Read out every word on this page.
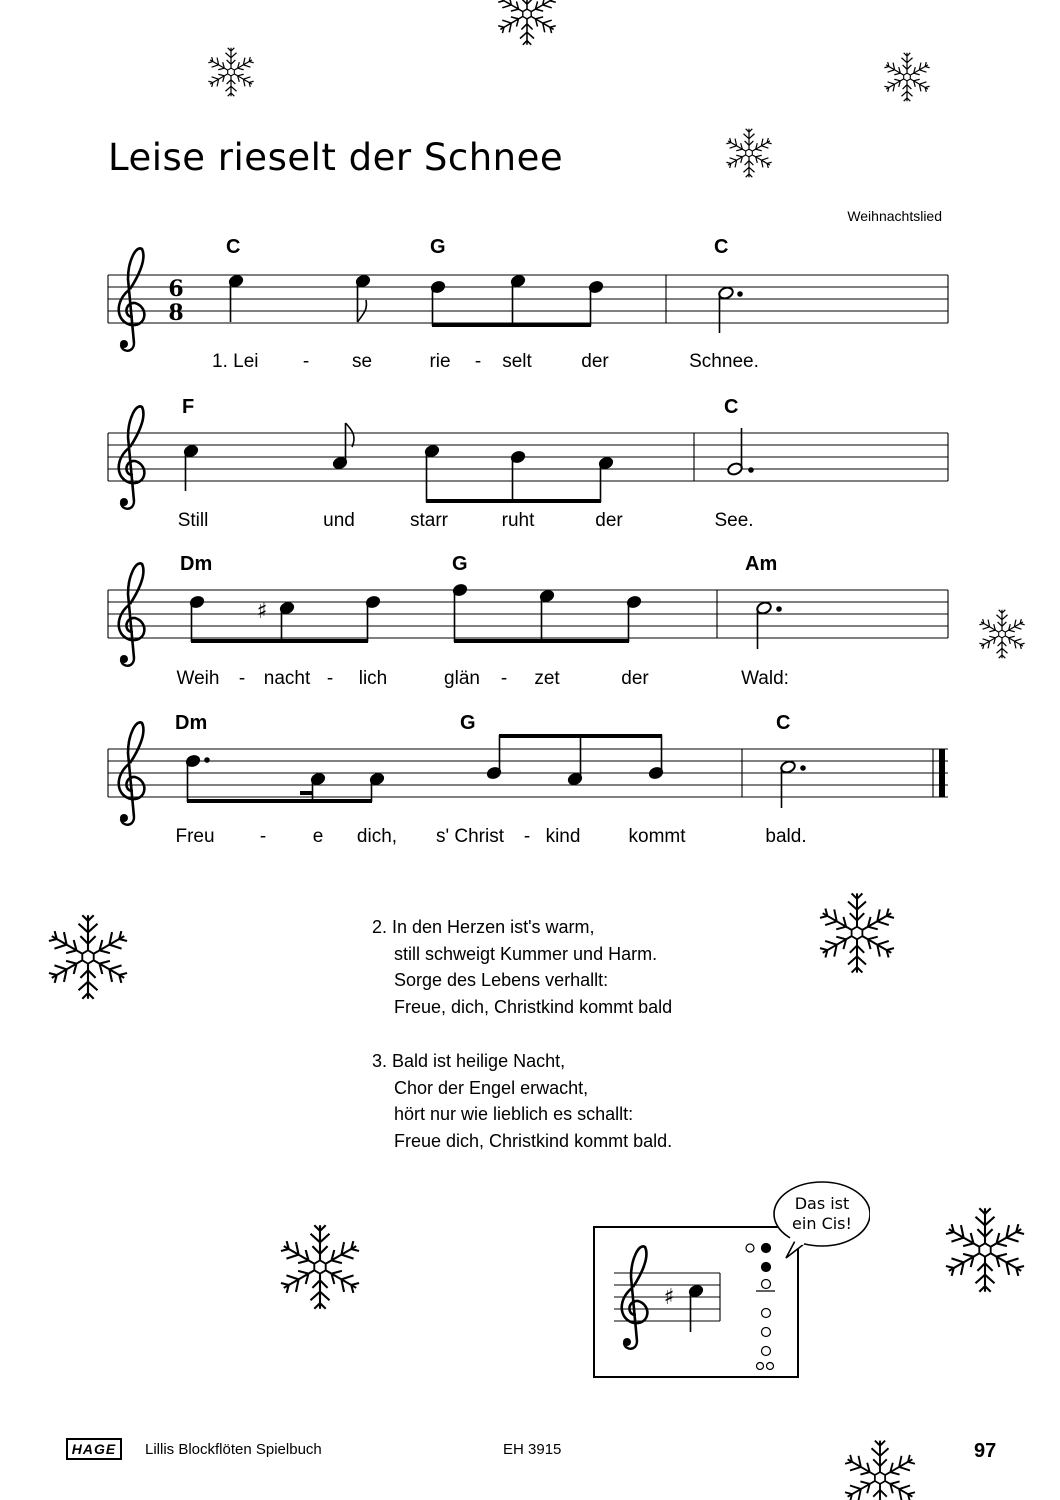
Leise rieselt der Schnee
Weihnachtslied
6
8
♯
C	G	C
F	C
Dm	G	Am
Dm	G	C
1. Lei - se	rie - selt	der	Schnee.
Still	und	starr	ruht	der	See.
Weih - nacht - lich	glän - zet	der	Wald:
Freu - e dich, s' Christ - kind	kommt	bald.
2. In den Herzen ist's warm,
still schweigt Kummer und Harm.
Sorge des Lebens verhallt:
Freue, dich, Christkind kommt bald
3. Bald ist heilige Nacht,
Chor der Engel erwacht,
hört nur wie lieblich es schallt:
Freue dich, Christkind kommt bald.
♯
Das ist
ein Cis!
HAGE	Lillis Blockflöten Spielbuch	EH 3915	97
